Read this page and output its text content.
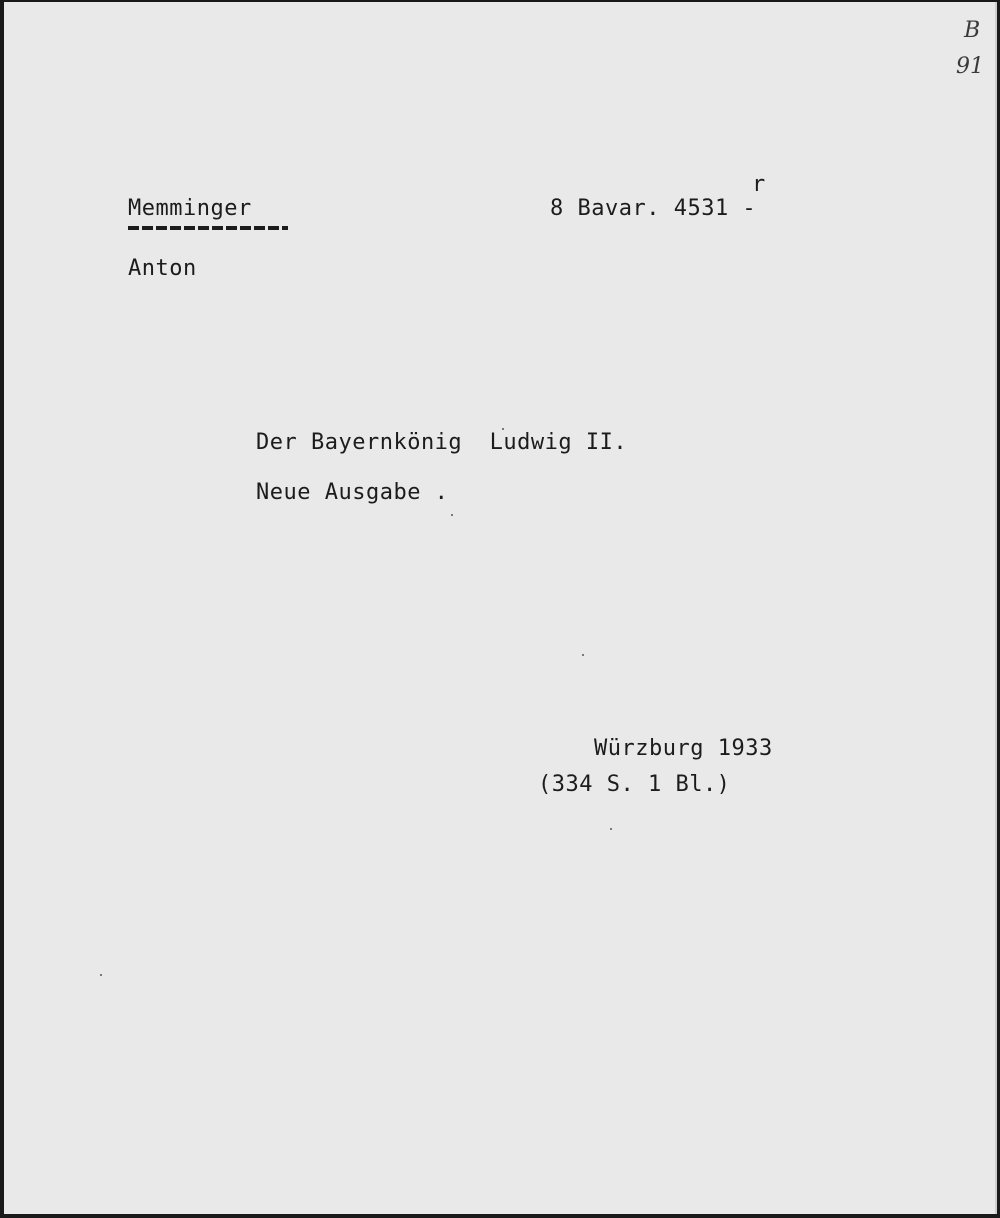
B
91
r
Memminger	8 Bavar. 4531 -
Anton
Der Bayernkönig  Ludwig II.
Neue Ausgabe .
Würzburg 1933
(334 S. 1 Bl.)
